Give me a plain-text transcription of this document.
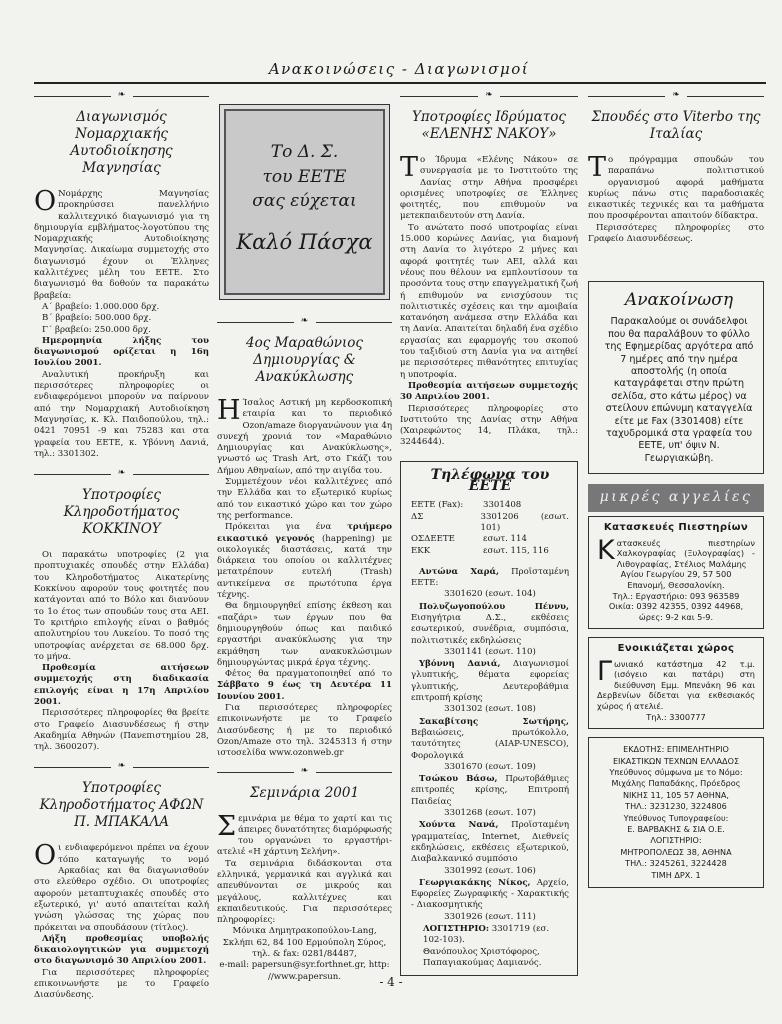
Ανακοινώσεις - Διαγωνισμοί
❧
Διαγωνισμός Νομαρχιακής Αυτοδιοίκησης Μαγνησίας
Ο Νομάρχης Μαγνησίας προκηρύσσει πανελλήνιο καλλιτεχνικό διαγωνισμό για τη δημιουργία εμβλήματος-λογοτύπου της Νομαρχιακής Αυτοδιοίκησης Μαγνησίας. Δικαίωμα συμμετοχής στο διαγωνισμό έχουν οι Έλληνες καλλιτέχνες μέλη του ΕΕΤΕ. Στο διαγωνισμό θα δοθούν τα παρακάτω βραβεία:
Α΄ βραβείο: 1.000.000 δρχ.
Β΄ βραβείο: 500.000 δρχ.
Γ΄ βραβείο: 250.000 δρχ.
Ημερομηνία λήξης του διαγωνισμού ορίζεται η 16η Ιουλίου 2001.
Αναλυτική προκήρυξη και περισσότερες πληροφορίες οι ενδιαφερόμενοι μπορούν να παίρνουν από την Νομαρχιακή Αυτοδιοίκηση Μαγνησίας, κ. Κλ. Παιδοπούλου, τηλ.: 0421 70951 -9 και 75283 και στα γραφεία του ΕΕΤΕ, κ. Υβόννη Δανιά, τηλ.: 3301302.
❧
Υποτροφίες Κληροδοτήματος ΚΟΚΚΙΝΟΥ
Οι παρακάτω υποτροφίες (2 για προπτυχιακές σπουδές στην Ελλάδα) του Κληροδοτήματος Αικατερίνης Κοκκίνου αφορούν τους φοιτητές που κατάγονται από το Βόλο και διανύουν το 1ο έτος των σπουδών τους στα ΑΕΙ. Το κριτήριο επιλογής είναι ο βαθμός απολυτηρίου του Λυκείου. Το ποσό της υποτροφίας ανέρχεται σε 68.000 δρχ. το μήνα.
Προθεσμία αιτήσεων συμμετοχής στη διαδικασία επιλογής είναι η 17η Απριλίου 2001.
Περισσότερες πληροφορίες θα βρείτε στο Γραφείο Διασυνδέσεως ή στην Ακαδημία Αθηνών (Πανεπιστημίου 28, τηλ. 3600207).
❧
Υποτροφίες Κληροδοτήματος ΑΦΩΝ Π. ΜΠΑΚΑΛΑ
Ο ι ενδιαφερόμενοι πρέπει να έχουν τόπο καταγωγής το νομό Αρκαδίας και θα διαγωνισθούν στο ελεύθερο σχέδιο. Οι υποτροφίες αφορούν μεταπτυχιακές σπουδές στο εξωτερικό, γι' αυτό απαιτείται καλή γνώση γλώσσας της χώρας που πρόκειται να σπουδάσουν (τίτλος).
Λήξη προθεσμίας υποβολής δικαιολογητικών για συμμετοχή στο διαγωνισμό 30 Απριλίου 2001.
Για περισσότερες πληροφορίες επικοινωνήστε με το Γραφείο Διασύνδεσης.
Το Δ. Σ.
του ΕΕΤΕ
σας εύχεται
Καλό Πάσχα
❧
4ος Μαραθώνιος Δημιουργίας & Ανακύκλωσης
Η Ίσαλος Αστική μη κερδοσκοπική εταιρία και το περιοδικό Ozon/amaze διοργανώνουν για 4η συνεχή χρονιά τον «Μαραθώνιο Δημιουργίας και Ανακύκλωσης», γνωστό ως Trash Art, στο Γκάζι του Δήμου Αθηναίων, από την αιγίδα του.
Συμμετέχουν νέοι καλλιτέχνες από την Ελλάδα και το εξωτερικό κυρίως από τον εικαστικό χώρο και τον χώρο της performance.
Πρόκειται για ένα τριήμερο εικαστικό γεγονός (happening) με οικολογικές διαστάσεις, κατά την διάρκεια του οποίου οι καλλιτέχνες μετατρέπουν ευτελή (Trash) αντικείμενα σε πρωτότυπα έργα τέχνης.
Θα δημιουργηθεί επίσης έκθεση και «παζάρι» των έργων που θα δημιουργηθούν όπως και παιδικό εργαστήρι ανακύκλωσης για την εκμάθηση των ανακυκλώσιμων δημιουργώντας μικρά έργα τέχνης.
Φέτος θα πραγματοποιηθεί από το Σάββατο 9 έως τη Δευτέρα 11 Ιουνίου 2001.
Για περισσότερες πληροφορίες επικοινωνήστε με το Γραφείο Διασύνδεσης ή με το περιοδικό Ozon/Amaze στο τηλ. 3245313 ή στην ιστοσελίδα www.ozonweb.gr
❧
Σεμινάρια 2001
Σ εμινάρια με θέμα το χαρτί και τις άπειρες δυνατότητες διαμόρφωσής του οργανώνει το εργαστήρι-ατελιέ «Η χάρτινη Σελήνη».
Τα σεμινάρια διδάσκονται στα ελληνικά, γερμανικά και αγγλικά και απευθύνονται σε μικρούς και μεγάλους, καλλιτέχνες και εκπαιδευτικούς. Για περισσότερες πληροφορίες:
Μόνικα Δημητρακοπούλου-Lang,
Σκλήπι 62, 84 100 Ερμούπολη Σύρος,
τηλ. & fax: 0281/84487,
e-mail: papersun@syr.forthnet.gr, http: //www.papersun.
❧
Υποτροφίες Ιδρύματος «ΕΛΕΝΗΣ ΝΑΚΟΥ»
Τ ο Ίδρυμα «Ελένης Νάκου» σε συνεργασία με το Ινστιτούτο της Δανίας στην Αθήνα προσφέρει ορισμένες υποτροφίες σε Έλληνες φοιτητές, που επιθυμούν να μετεκπαιδευτούν στη Δανία.
Το ανώτατο ποσό υποτροφίας είναι 15.000 κορώνες Δανίας, για διαμονή στη Δανία το λιγότερο 2 μήνες και αφορά φοιτητές των ΑΕΙ, αλλά και νέους που θέλουν να εμπλουτίσουν τα προσόντα τους στην επαγγελματική ζωή ή επιθυμούν να ενισχύσουν τις πολιτιστικές σχέσεις και την αμοιβαία κατανόηση ανάμεσα στην Ελλάδα και τη Δανία. Απαιτείται δηλαδή ένα σχέδιο εργασίας και εφαρμογής του σκοπού του ταξιδιού στη Δανία για να αιτηθεί με περισσότερες πιθανότητες επιτυχίας η υποτροφία.
Προθεσμία αιτήσεων συμμετοχής 30 Απριλίου 2001.
Περισσότερες πληροφορίες στο Ινστιτούτο της Δανίας στην Αθήνα (Χαιρεφώντος 14, Πλάκα, τηλ.: 3244644).
Τηλέφωνα του ΕΕΤΕ
ΕΕΤΕ (Fax):	3301408
ΔΣ	3301206 (εσωτ. 101)
ΟΣΔΕΕΤΕ	εσωτ. 114
ΕΚΚ	εσωτ. 115, 116
Αντώνα Χαρά, Προϊσταμένη ΕΕΤΕ:
3301620 (εσωτ. 104)
Πολυζωγοπούλου Πέννυ, Εισηγήτρια Δ.Σ., εκθέσεις εσωτερικού, συνέδρια, συμπόσια, πολιτιστικές εκδηλώσεις
3301141 (εσωτ. 110)
Υβόννη Δανιά, Διαγωνισμοί γλυπτικής, θέματα εφορείας γλυπτικής, Δευτεροβάθμια επιτροπή κρίσης
3301302 (εσωτ. 108)
Σακαβίτσης Σωτήρης, Βεβαιώσεις, πρωτόκολλο, ταυτότητες (AIAP-UNESCO), Φορολογικά
3301670 (εσωτ. 109)
Τσώκου Βάσω, Πρωτοβάθμιες επιτροπές κρίσης, Επιτροπή Παιδείας
3301268 (εσωτ. 107)
Χούντα Νανά, Προϊσταμένη γραμματείας, Internet, Διεθνείς εκδηλώσεις, εκθέσεις εξωτερικού, Διαβαλκανικό συμπόσιο
3301992 (εσωτ. 106)
Γεωργιακάκης Νίκος, Αρχείο, Εφορείες Ζωγραφικής - Χαρακτικής - Διακοσμητικής
3301926 (εσωτ. 111)
ΛΟΓΙΣΤΗΡΙΟ: 3301719 (εσ. 102-103).
Θανόπουλος Χριστόφορος, Παπαγιακούμας Δαμιανός.
❧
Σπουδές στο Viterbo της Ιταλίας
Τ ο πρόγραμμα σπουδών του παραπάνω πολιτιστικού οργανισμού αφορά μαθήματα κυρίως πάνω στις παραδοσιακές εικαστικές τεχνικές και τα μαθήματα που προσφέρονται απαιτούν δίδακτρα.
Περισσότερες πληροφορίες στο Γραφείο Διασυνδέσεως.
Ανακοίνωση
Παρακαλούμε οι συνάδελφοι που θα παραλάβουν το φύλλο της Εφημερίδας αργότερα από 7 ημέρες από την ημέρα αποστολής (η οποία καταγράφεται στην πρώτη σελίδα, στο κάτω μέρος) να στείλουν επώνυμη καταγγελία είτε με Fax (3301408) είτε ταχυδρομικά στα γραφεία του ΕΕΤΕ, υπ' όψιν Ν. Γεωργιακώβη.
μικρές αγγελίες
Κατασκευές Πιεστηρίων
Κ ατασκευές πιεστηρίων Χαλκογραφίας (Ξυλογραφίας) - Λιθογραφίας, Στέλιος Μαλάμης
Αγίου Γεωργίου 29, 57 500
Επανομή, Θεσσαλονίκη.
Τηλ.: Εργαστήριο: 093 963589
Οικία: 0392 42355, 0392 44968,
ώρες: 9-2 και 5-9.
Ενοικιάζεται χώρος
Γ ωνιακό κατάστημα 42 τ.μ. (ισόγειο και πατάρι) στη διεύθυνση Εμμ. Μπενάκη 96 και Δερβενίων δίδεται για εκθεσιακός χώρος ή ατελιέ.
Τηλ.: 3300777
ΕΚΔΟΤΗΣ: ΕΠΙΜΕΛΗΤΗΡΙΟ
ΕΙΚΑΣΤΙΚΩΝ ΤΕΧΝΩΝ ΕΛΛΑΔΟΣ
Υπεύθυνος σύμφωνα με το Νόμο:
Μιχάλης Παπαδάκης, Πρόεδρος
ΝΙΚΗΣ 11, 105 57 ΑΘΗΝΑ,
ΤΗΛ.: 3231230, 3224806
Υπεύθυνος Τυπογραφείου:
Ε. ΒΑΡΒΑΚΗΣ & ΣΙΑ Ο.Ε.
ΛΟΓΙΣΤΗΡΙΟ:
ΜΗΤΡΟΠΟΛΕΩΣ 38, ΑΘΗΝΑ
ΤΗΛ.: 3245261, 3224428
ΤΙΜΗ ΔΡΧ. 1
- 4 -
